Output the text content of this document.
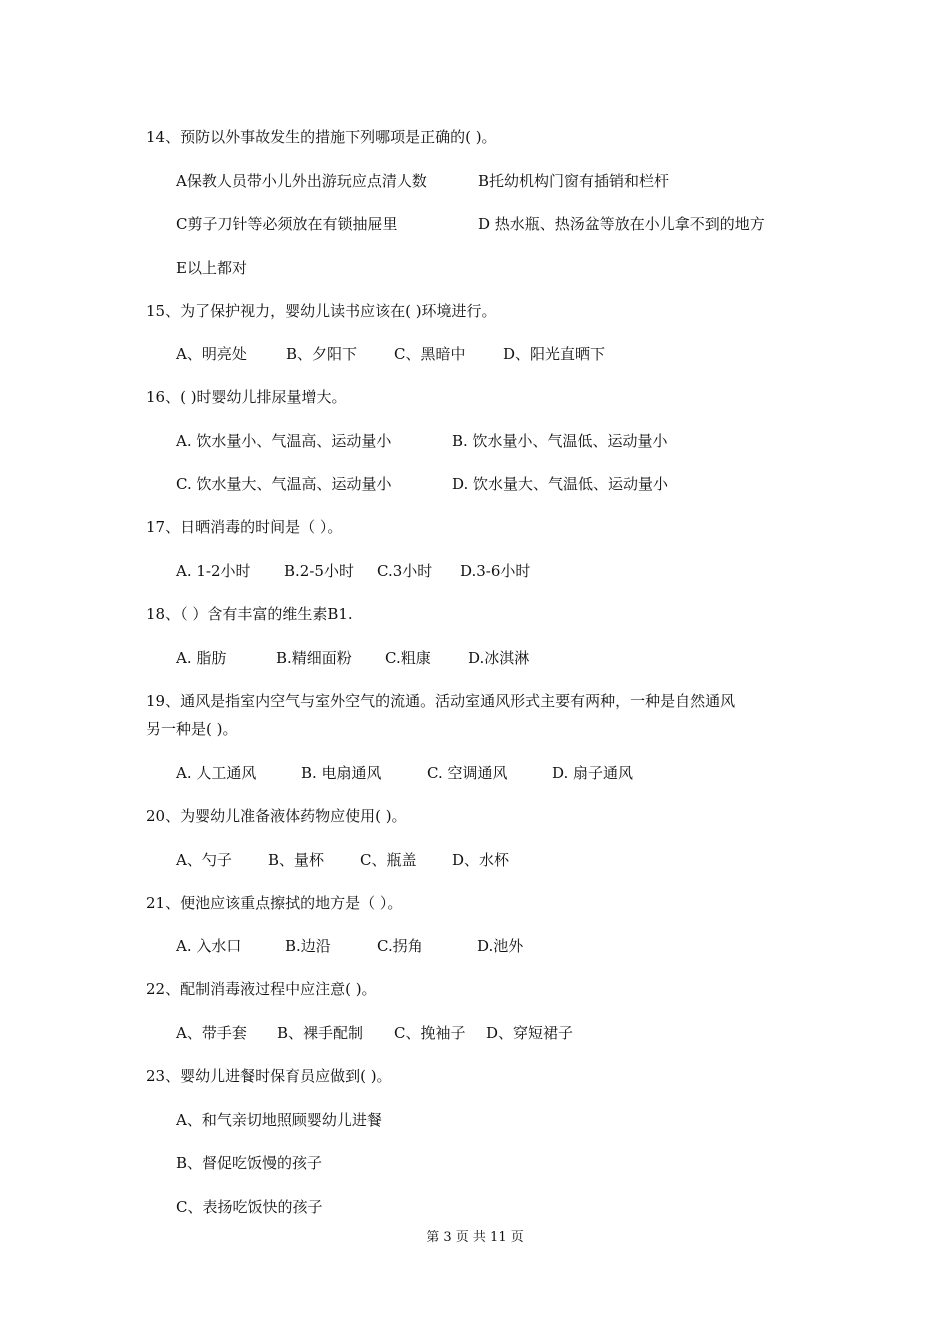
14、预防以外事故发生的措施下列哪项是正确的( )。
A保教人员带小儿外出游玩应点清人数	B托幼机构门窗有插销和栏杆
C剪子刀针等必须放在有锁抽屉里	D 热水瓶、热汤盆等放在小儿拿不到的地方
E以上都对
15、为了保护视力，婴幼儿读书应该在( )环境进行。
A、明亮处	B、夕阳下 C、黑暗中	D、阳光直晒下
16、( )时婴幼儿排尿量增大。
A. 饮水量小、气温高、运动量小	B. 饮水量小、气温低、运动量小
C. 饮水量大、气温高、运动量小	D. 饮水量大、气温低、运动量小
17、日晒消毒的时间是（ ）。
A. 1-2小时 B.2-5小时 C.3小时 D.3-6小时
18、（ ）含有丰富的维生素B1.
A. 脂肪	B.精细面粉 C.粗康 D.冰淇淋
19、通风是指室内空气与室外空气的流通。活动室通风形式主要有两种，一种是自然通风
另一种是( )。
A. 人工通风	B. 电扇通风	C. 空调通风	D. 扇子通风
20、为婴幼儿准备液体药物应使用( )。
A、勺子 B、量杯 C、瓶盖 D、水杯
21、便池应该重点擦拭的地方是（ ）。
A. 入水口	B.边沿	C.拐角	D.池外
22、配制消毒液过程中应注意( )。
A、带手套 B、裸手配制 C、挽袖子 D、穿短裙子
23、婴幼儿进餐时保育员应做到( )。
A、和气亲切地照顾婴幼儿进餐
B、督促吃饭慢的孩子
C、表扬吃饭快的孩子
第 3 页 共 11 页
